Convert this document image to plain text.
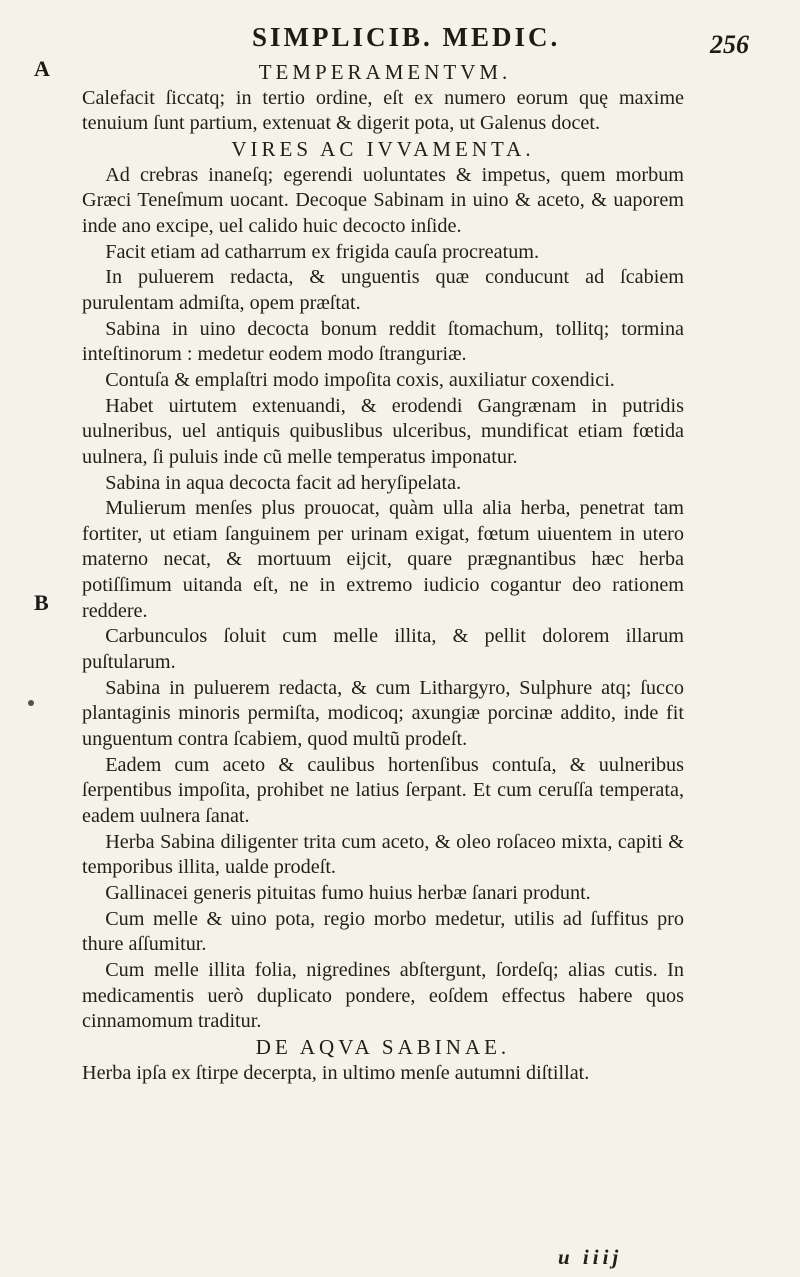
A
B
SIMPLICIB. MEDIC.	256
TEMPERAMENTVM.

Calefacit ſiccatq; in tertio ordine, eſt ex numero eorum quę maxime tenuium ſunt partium, extenuat & digerit pota, ut Galenus docet.

VIRES AC IVVAMENTA.

Ad crebras inaneſq; egerendi uoluntates & impetus, quem morbum Græci Teneſmum uocant. Decoque Sabinam in uino & aceto, & uaporem inde ano excipe, uel calido huic decocto inſide.

Facit etiam ad catharrum ex frigida cauſa procreatum.

In puluerem redacta, & unguentis quæ conducunt ad ſcabiem purulentam admiſta, opem præſtat.

Sabina in uino decocta bonum reddit ſtomachum, tollitq; tormina inteſtinorum : medetur eodem modo ſtranguriæ.

Contuſa & emplaſtri modo impoſita coxis, auxiliatur coxendici.

Habet uirtutem extenuandi, & erodendi Gangrænam in putridis uulneribus, uel antiquis quibuslibus ulceribus, mundificat etiam fœtida uulnera, ſi puluis inde cũ melle temperatus imponatur.

Sabina in aqua decocta facit ad heryſipelata.

Mulierum menſes plus prouocat, quàm ulla alia herba, penetrat tam fortiter, ut etiam ſanguinem per urinam exigat, fœtum uiuentem in utero materno necat, & mortuum eijcit, quare prægnantibus hæc herba potiſſimum uitanda eſt, ne in extremo iudicio cogantur deo rationem reddere.

Carbunculos ſoluit cum melle illita, & pellit dolorem illarum puſtularum.

Sabina in puluerem redacta, & cum Lithargyro, Sulphure atq; ſucco plantaginis minoris permiſta, modicoq; axungiæ porcinæ addito, inde fit unguentum contra ſcabiem, quod multũ prodeſt.

Eadem cum aceto & caulibus hortenſibus contuſa, & uulneribus ſerpentibus impoſita, prohibet ne latius ſerpant. Et cum ceruſſa temperata, eadem uulnera ſanat.

Herba Sabina diligenter trita cum aceto, & oleo roſaceo mixta, capiti & temporibus illita, ualde prodeſt.

Gallinacei generis pituitas fumo huius herbæ ſanari produnt.

Cum melle & uino pota, regio morbo medetur, utilis ad ſuffitus pro thure aſſumitur.

Cum melle illita folia, nigredines abſtergunt, ſordeſq; alias cutis. In medicamentis uerò duplicato pondere, eoſdem effectus habere quos cinnamomum traditur.

DE AQVA SABINAE.

Herba ipſa ex ſtirpe decerpta, in ultimo menſe autumni diſtillat.

u iiij
